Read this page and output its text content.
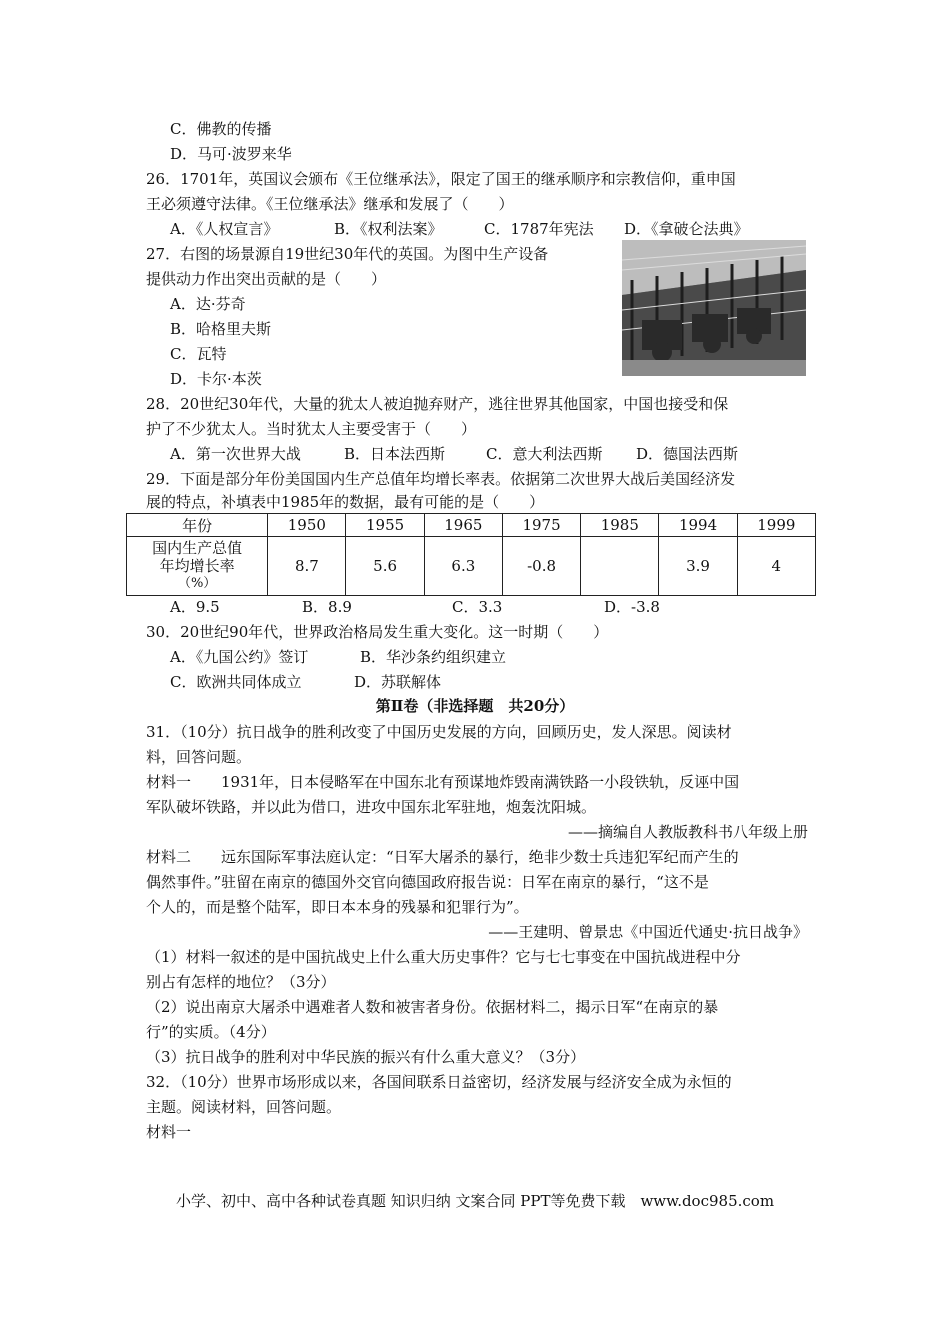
C．佛教的传播
D．马可·波罗来华
26．1701年，英国议会颁布《王位继承法》，限定了国王的继承顺序和宗教信仰，重申国
王必须遵守法律。《王位继承法》继承和发展了（　　）
A．《人权宣言》	B．《权利法案》	C．1787年宪法 D．《拿破仑法典》
27．右图的场景源自19世纪30年代的英国。为图中生产设备
提供动力作出突出贡献的是（　　）
A．达·芬奇
B．哈格里夫斯
C．瓦特
D．卡尔·本茨
28．20世纪30年代，大量的犹太人被迫抛弃财产，逃往世界其他国家，中国也接受和保
护了不少犹太人。当时犹太人主要受害于（　　）
A．第一次世界大战	B．日本法西斯	C．意大利法西斯 D．德国法西斯
29．下面是部分年份美国国内生产总值年均增长率表。依据第二次世界大战后美国经济发
展的特点，补填表中1985年的数据，最有可能的是（　　）
年份	1950	1955	1965	1975	1985	1994	1999

国内生产总值
年均增长率
（%）	8.7	5.6	6.3	-0.8		3.9	4
A．9.5	B．8.9	C．3.3	D．-3.8
30．20世纪90年代，世界政治格局发生重大变化。这一时期（　　）
A．《九国公约》签订	B．华沙条约组织建立
C．欧洲共同体成立	D．苏联解体
第Ⅱ卷（非选择题　共20分）
31．（10分）抗日战争的胜利改变了中国历史发展的方向，回顾历史，发人深思。阅读材
料，回答问题。
材料一　　1931年，日本侵略军在中国东北有预谋地炸毁南满铁路一小段铁轨，反诬中国
军队破坏铁路，并以此为借口，进攻中国东北军驻地，炮轰沈阳城。
——摘编自人教版教科书八年级上册
材料二　　远东国际军事法庭认定：“日军大屠杀的暴行，绝非少数士兵违犯军纪而产生的
偶然事件。”驻留在南京的德国外交官向德国政府报告说：日军在南京的暴行，“这不是
个人的，而是整个陆军，即日本本身的残暴和犯罪行为”。
——王建明、曾景忠《中国近代通史·抗日战争》
（1）材料一叙述的是中国抗战史上什么重大历史事件？它与七七事变在中国抗战进程中分
别占有怎样的地位？（3分）
（2）说出南京大屠杀中遇难者人数和被害者身份。依据材料二，揭示日军“在南京的暴
行”的实质。（4分）
（3）抗日战争的胜利对中华民族的振兴有什么重大意义？（3分）
32．（10分）世界市场形成以来，各国间联系日益密切，经济发展与经济安全成为永恒的
主题。阅读材料，回答问题。
材料一
小学、初中、高中各种试卷真题 知识归纳 文案合同 PPT等免费下载　www.doc985.com
